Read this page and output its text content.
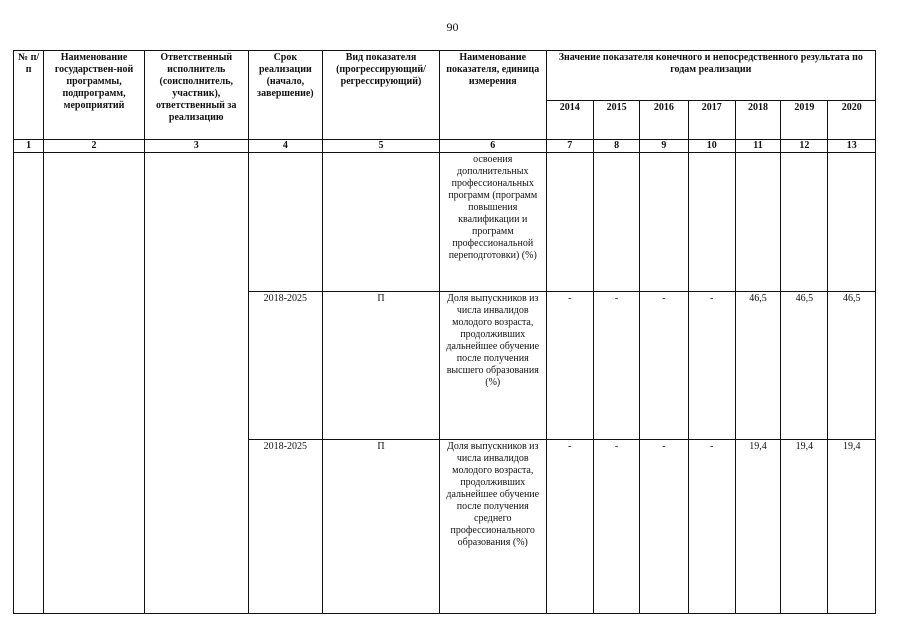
90
№ п/п	Наименование государствен-ной программы, подпрограмм, мероприятий	Ответственный исполнитель (соисполнитель, участник), ответственный за реализацию	Срок реализации (начало, завершение)	Вид показателя (прогрессирующий/ регрессирующий)	Наименование показателя, единица измерения	Значение показателя конечного и непосредственного результата по годам реализации						
						2014	2015	2016	2017	2018	2019	2020
1	2	3	4	5	6	7	8	9	10	11	12	13
					освоения дополнительных профессиональных программ (программ повышения квалификации и программ профессиональной переподготовки) (%)							
			2018-2025	П	Доля выпускников из числа инвалидов молодого возраста, продолживших дальнейшее обучение после получения высшего образования (%)	-	-	-	-	46,5	46,5	46,5
			2018-2025	П	Доля выпускников из числа инвалидов молодого возраста, продолживших дальнейшее обучение после получения среднего профессионального образования (%)	-	-	-	-	19,4	19,4	19,4
